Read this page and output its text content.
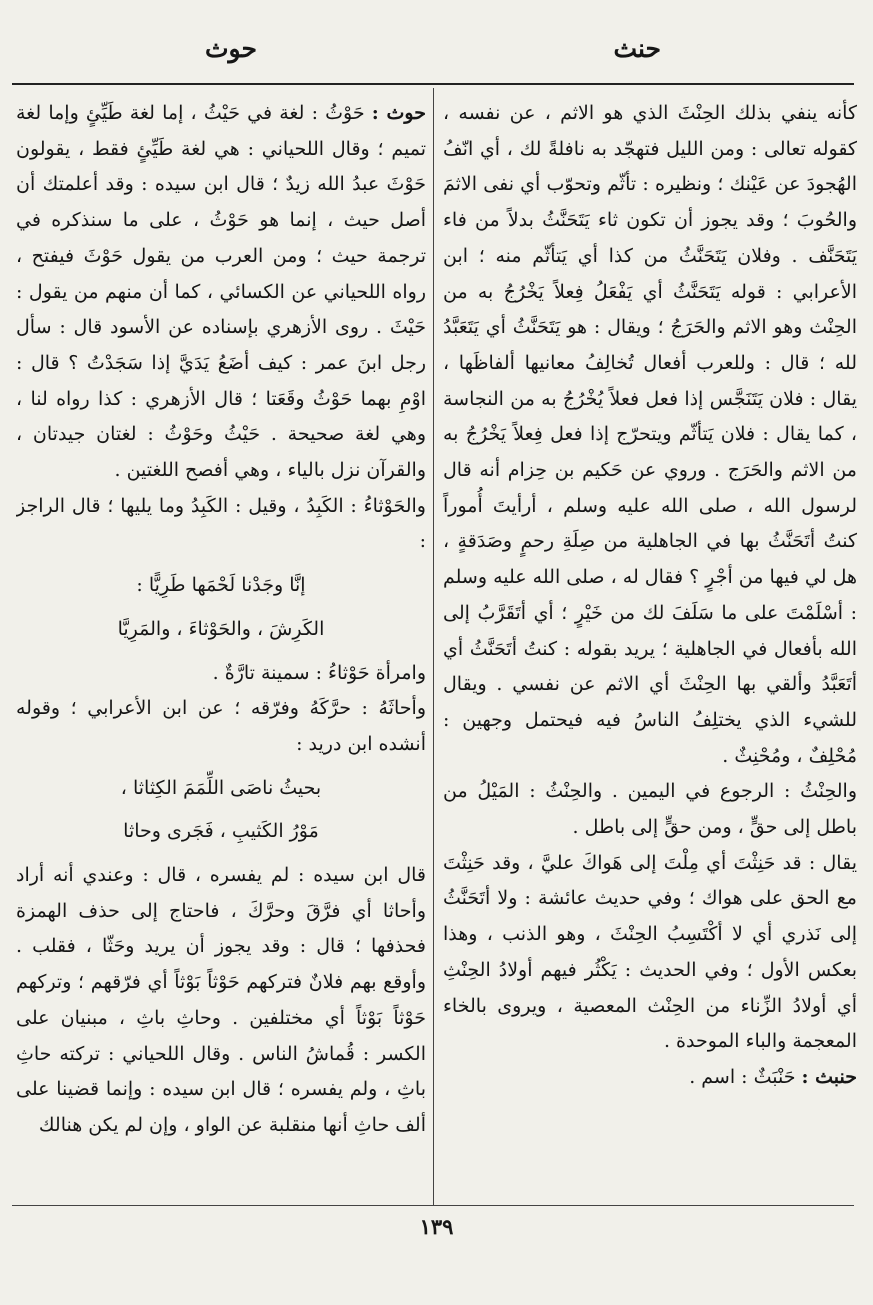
حنث
حوث

كأنه ينفي بذلك الحِنْثَ الذي هو الاثم ، عن نفسه ، كقوله تعالى : ومن الليل فتهجّد به نافلةً لك ، أي انّفُ الهُجودَ عن عَيْنك ؛ ونظيره : تأثّم وتحوّب أي نفى الاثمَ والحُوبَ ؛ وقد يجوز أن تكون ثاء يَتَحَنَّثُ بدلاً من فاء يَتَحَنَّف . وفلان يَتَحَنَّثُ من كذا أي يَتأثّم منه ؛ ابن الأعرابي : قوله يَتَحَنَّثُ أي يَفْعَلُ فِعلاً يَخْرُجُ به من الحِنْث وهو الاثم والحَرَجُ ؛ ويقال : هو يَتَحَنَّثُ أي يَتَعَبَّدُ لله ؛ قال : وللعرب أفعال تُخالِفُ معانيها ألفاظَها ، يقال : فلان يَتَنَجَّس إذا فعل فعلاً يُخْرُجُ به من النجاسة ، كما يقال : فلان يَتأثّم ويتحرّج إذا فعل فِعلاً يَخْرُجُ به من الاثم والحَرَج . وروي عن حَكيم بن حِزام أنه قال لرسول الله ، صلى الله عليه وسلم ، أرأيتَ أُموراً كنتُ أتَحَنَّثُ بها في الجاهلية من صِلَةِ رحمٍ وصَدَقةٍ ، هل لي فيها من أجْرٍ ؟ فقال له ، صلى الله عليه وسلم : أسْلَمْتَ على ما سَلَفَ لك من خَيْرٍ ؛ أي أتَقَرَّبُ إلى الله بأفعال في الجاهلية ؛ يريد بقوله : كنتُ أتَحَنَّثُ أي أتَعَبَّدُ وألقي بها الحِنْثَ أي الاثم عن نفسي . ويقال للشيء الذي يختلِفُ الناسُ فيه فيحتمل وجهين : مُحْلِفٌ ، ومُحْنِثٌ .

والحِنْثُ : الرجوع في اليمين . والحِنْثُ : المَيْلُ من باطل إلى حقٍّ ، ومن حقٍّ إلى باطل .

يقال : قد حَنِثْتَ أي مِلْتَ إلى هَواكَ عليَّ ، وقد حَنِثْتَ مع الحق على هواك ؛ وفي حديث عائشة : ولا أتَحَنَّثُ إلى نَذري أي لا أكْتَسِبُ الحِنْثَ ، وهو الذنب ، وهذا بعكس الأول ؛ وفي الحديث : يَكْثُر فيهم أولادُ الحِنْثِ أي أولادُ الزِّناء من الحِنْث المعصية ، ويروى بالخاء المعجمة والباء الموحدة .

حنبث : حَنْبَثٌ : اسم .

حوث : حَوْثُ : لغة في حَيْثُ ، إما لغة طَيِّئٍ وإما لغة تميم ؛ وقال اللحياني : هي لغة طَيِّئٍ فقط ، يقولون حَوْثَ عبدُ الله زيدٌ ؛ قال ابن سيده : وقد أعلمتك أن أصل حيث ، إنما هو حَوْثُ ، على ما سنذكره في ترجمة حيث ؛ ومن العرب من يقول حَوْثَ فيفتح ، رواه اللحياني عن الكسائي ، كما أن منهم من يقول : حَيْثَ . روى الأزهري بإسناده عن الأسود قال : سأل رجل ابنَ عمر : كيف أضَعُ يَدَيَّ إذا سَجَدْتُ ؟ قال : اوْمِ بهما حَوْثُ وقَعَتا ؛ قال الأزهري : كذا رواه لنا ، وهي لغة صحيحة . حَيْثُ وحَوْثُ : لغتان جيدتان ، والقرآن نزل بالياء ، وهي أفصح اللغتين .

والحَوْثاءُ : الكَبِدُ ، وقيل : الكَبِدُ وما يليها ؛ قال الراجز :

إنَّا وجَدْنا لَحْمَها طَرِيًّا :

الكَرِشَ ، والحَوْثاءَ ، والمَرِيَّا

وامرأة حَوْثاءُ : سمينة تارَّةٌ .

وأحاثَهُ : حرَّكَهُ وفرّقه ؛ عن ابن الأعرابي ؛ وقوله أنشده ابن دريد :

بحيثُ ناصَى اللِّمَمَ الكِثاثا ،

مَوْرُ الكَثيبِ ، فَجَرى وحاثا

قال ابن سيده : لم يفسره ، قال : وعندي أنه أراد وأحاثا أي فرَّقَ وحرَّكَ ، فاحتاج إلى حذف الهمزة فحذفها ؛ قال : وقد يجوز أن يريد وحَثّا ، فقلب . وأوقع بهم فلانٌ فتركهم حَوْثاً بَوْثاً أي فرّقهم ؛ وتركهم حَوْثاً بَوْثاً أي مختلفين . وحاثِ باثِ ، مبنيان على الكسر : قُماشُ الناس . وقال اللحياني : تركته حاثِ باثِ ، ولم يفسره ؛ قال ابن سيده : وإنما قضينا على ألف حاثِ أنها منقلبة عن الواو ، وإن لم يكن هنالك

١٣٩
